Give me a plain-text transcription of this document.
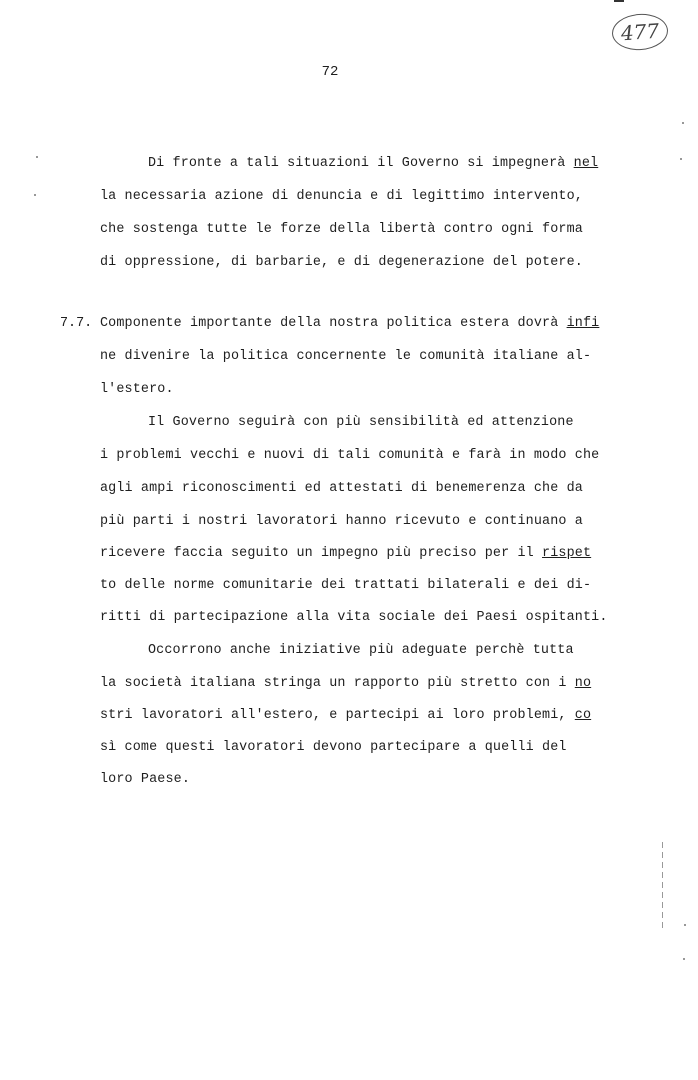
477
72
Di fronte a tali situazioni il Governo si impegnerà nel
la necessaria azione di denuncia e di legittimo intervento,
che sostenga tutte le forze della libertà contro ogni forma
di oppressione, di barbarie, e di degenerazione del potere.
7.7. Componente importante della nostra politica estera dovrà infi
ne divenire la politica concernente le comunità italiane al-
l'estero.
Il Governo seguirà con più sensibilità ed attenzione
i problemi vecchi e nuovi di tali comunità e farà in modo che
agli ampi riconoscimenti ed attestati di benemerenza che da
più parti i nostri lavoratori hanno ricevuto e continuano a
ricevere faccia seguito un impegno più preciso per il rispet
to delle norme comunitarie dei trattati bilaterali e dei di-
ritti di partecipazione alla vita sociale dei Paesi ospitanti.
Occorrono anche iniziative più adeguate perchè tutta
la società italiana stringa un rapporto più stretto con i no
stri lavoratori all'estero, e partecipi ai loro problemi, co
sì come questi lavoratori devono partecipare a quelli del
loro Paese.
